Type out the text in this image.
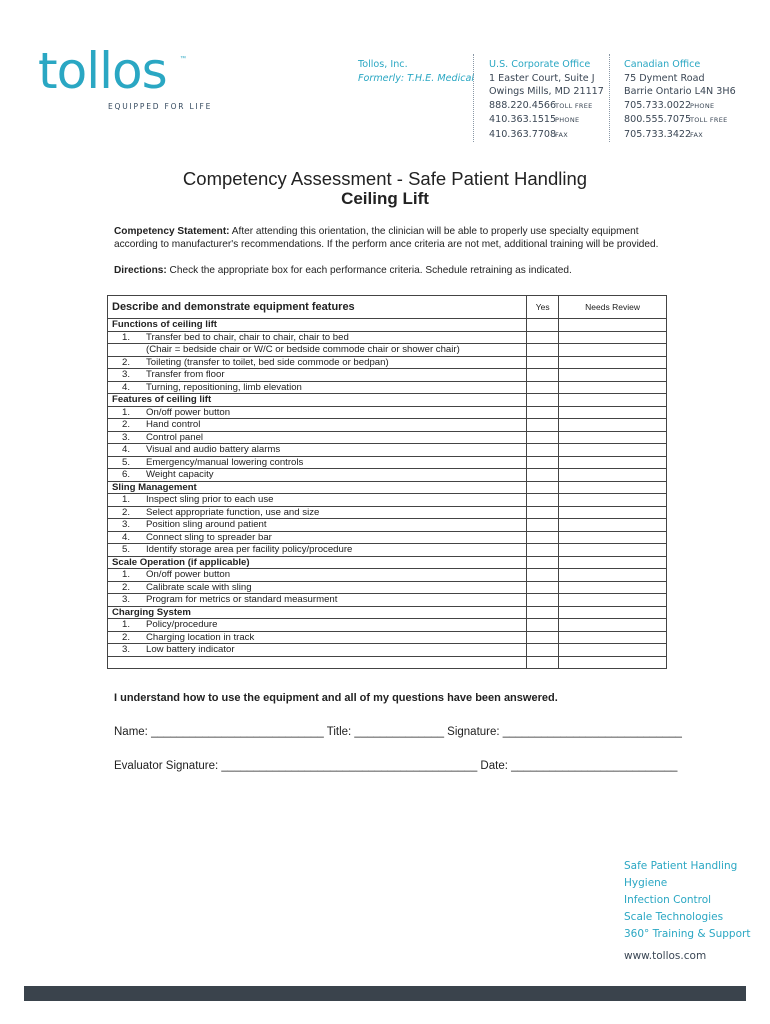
tollos	™
EQUIPPED FOR LIFE
Tollos, Inc.
Formerly: T.H.E. Medical
U.S. Corporate Office
1 Easter Court, Suite J
Owings Mills, MD 21117
888.220.4566
TOLL FREE
410.363.1515
PHONE
410.363.7708
FAX
Canadian Office
75 Dyment Road
Barrie Ontario L4N 3H6
705.733.0022
PHONE
800.555.7075
TOLL FREE
705.733.3422
FAX
Competency Assessment - Safe Patient Handling
Ceiling Lift
Competency Statement: After attending this orientation, the clinician will be able to properly use specialty equipment according to manufacturer's recommendations. If the perform ance criteria are not met, additional training will be provided.
Directions: Check the appropriate box for each performance criteria. Schedule retraining as indicated.
Describe and demonstrate equipment features	Yes	Needs Review
Functions of ceiling lift		
1. Transfer bed to chair, chair to chair, chair to bed		
(Chair = bedside chair or W/C or bedside commode chair or shower chair)		
2. Toileting (transfer to toilet, bed side commode or bedpan)		
3. Transfer from floor		
4. Turning, repositioning, limb elevation		
Features of ceiling lift		
1. On/off power button		
2. Hand control		
3. Control panel		
4. Visual and audio battery alarms		
5. Emergency/manual lowering controls		
6. Weight capacity		
Sling Management		
1. Inspect sling prior to each use		
2. Select appropriate function, use and size		
3. Position sling around patient		
4. Connect sling to spreader bar		
5. Identify storage area per facility policy/procedure		
Scale Operation (if applicable)		
1. On/off power button		
2. Calibrate scale with sling		
3. Program for metrics or standard measurment		
Charging System		
1. Policy/procedure		
2. Charging location in track		
3. Low battery indicator		

I understand how to use the equipment and all of my questions have been answered.
Name: ___________________________ Title: ______________ Signature: ____________________________
Evaluator Signature: ________________________________________ Date: __________________________
Safe Patient Handling
Hygiene
Infection Control
Scale Technologies
360° Training & Support
www.tollos.com
